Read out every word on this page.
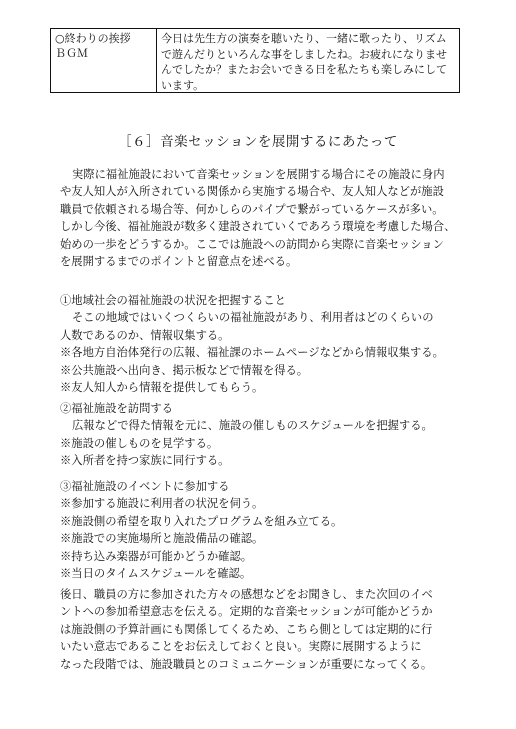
○終わりの挨拶
ＢＧＭ
今日は先生方の演奏を聴いたり、一緒に歌ったり、リズム
で遊んだりといろんな事をしましたね。お疲れになりませ
んでしたか？またお会いできる日を私たちも楽しみにして
います。
［６］音楽セッションを展開するにあたって
実際に福祉施設において音楽セッションを展開する場合にその施設に身内
や友人知人が入所されている関係から実施する場合や、友人知人などが施設
職員で依頼される場合等、何かしらのパイプで繋がっているケースが多い。
しかし今後、福祉施設が数多く建設されていくであろう環境を考慮した場合、
始めの一歩をどうするか。ここでは施設への訪問から実際に音楽セッション
を展開するまでのポイントと留意点を述べる。
①地域社会の福祉施設の状況を把握すること
そこの地域ではいくつくらいの福祉施設があり、利用者はどのくらいの
人数であるのか、情報収集する。
※各地方自治体発行の広報、福祉課のホームページなどから情報収集する。
※公共施設へ出向き、掲示板などで情報を得る。
※友人知人から情報を提供してもらう。
②福祉施設を訪問する
広報などで得た情報を元に、施設の催しものスケジュールを把握する。
※施設の催しものを見学する。
※入所者を持つ家族に同行する。
③福祉施設のイベントに参加する
※参加する施設に利用者の状況を伺う。
※施設側の希望を取り入れたプログラムを組み立てる。
※施設での実施場所と施設備品の確認。
※持ち込み楽器が可能かどうか確認。
※当日のタイムスケジュールを確認。
後日、職員の方に参加された方々の感想などをお聞きし、また次回のイベ
ントへの参加希望意志を伝える。定期的な音楽セッションが可能かどうか
は施設側の予算計画にも関係してくるため、こちら側としては定期的に行
いたい意志であることをお伝えしておくと良い。実際に展開するように
なった段階では、施設職員とのコミュニケーションが重要になってくる。
